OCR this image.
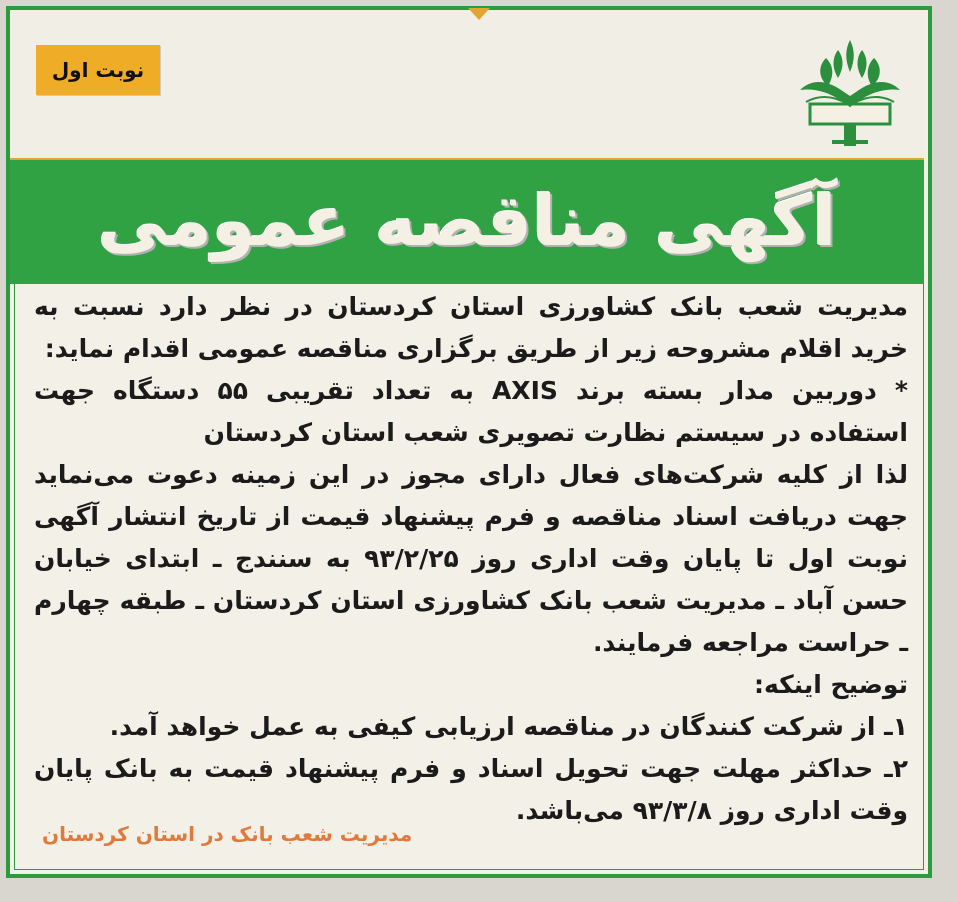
نوبت اول
آگهی مناقصه عمومی

مدیریت شعب بانک کشاورزی استان کردستان در نظر دارد نسبت به خرید اقلام مشروحه زیر از طریق برگزاری مناقصه عمومی اقدام نماید:

* دوربین مدار بسته برند AXIS به تعداد تقریبی ۵۵ دستگاه جهت استفاده در سیستم نظارت تصویری شعب استان کردستان

لذا از کلیه شرکت‌های فعال دارای مجوز در این زمینه دعوت می‌نماید جهت دریافت اسناد مناقصه و فرم پیشنهاد قیمت از تاریخ انتشار آگهی نوبت اول تا پایان وقت اداری روز ۹۳/۲/۲۵ به سنندج ـ ابتدای خیابان حسن آباد ـ مدیریت شعب بانک کشاورزی استان کردستان ـ طبقه چهارم ـ حراست مراجعه فرمایند.

توضیح اینکه:

۱ـ از شرکت کنندگان در مناقصه ارزیابی کیفی به عمل خواهد آمد.

۲ـ حداکثر مهلت جهت تحویل اسناد و فرم پیشنهاد قیمت به بانک پایان وقت اداری روز ۹۳/۳/۸ می‌باشد.

مدیریت شعب بانک در استان کردستان
